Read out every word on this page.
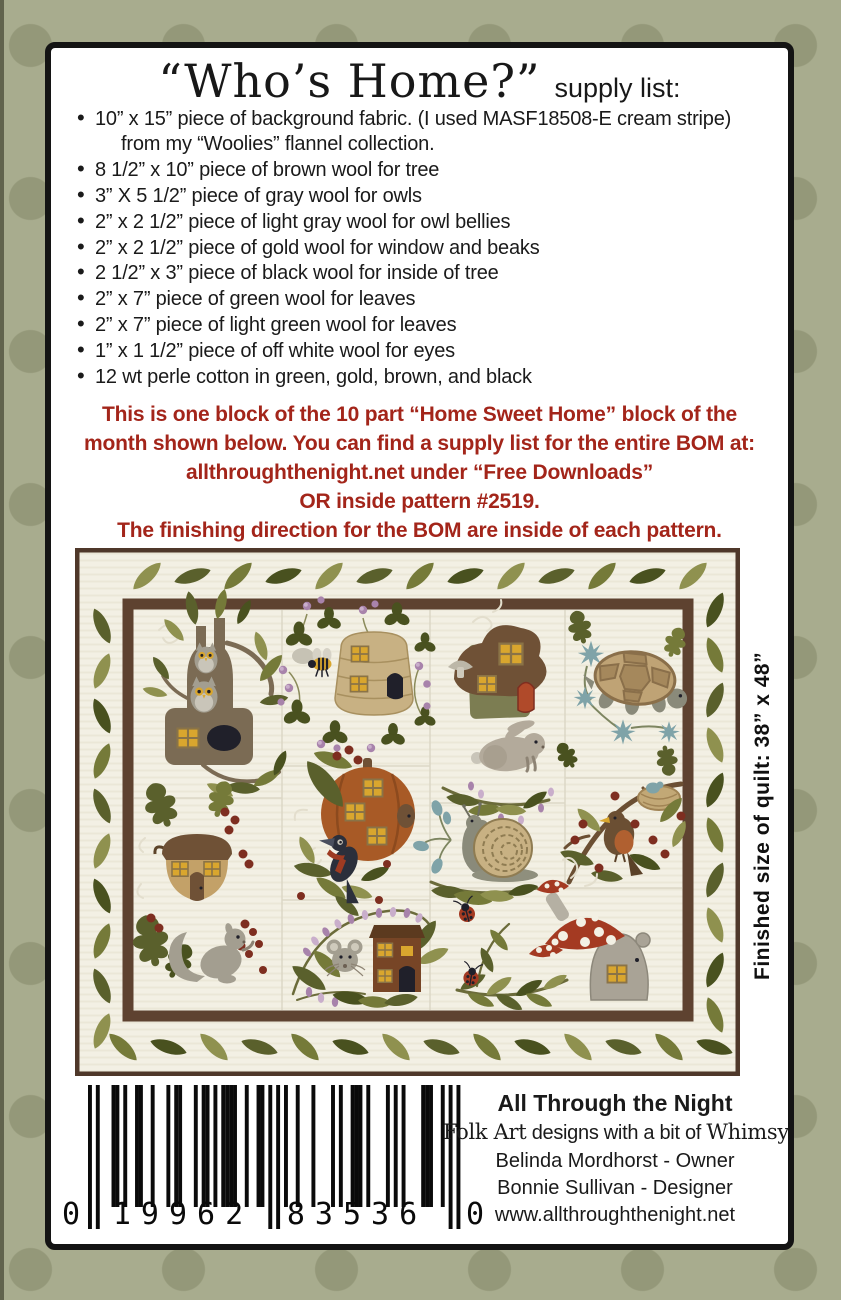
“Who’s Home?” supply list:
• 10” x 15” piece of background fabric. (I used MASF18508-E cream stripe)
from my “Woolies” flannel collection.
• 8 1/2” x 10” piece of brown wool for tree
• 3” X 5 1/2” piece of gray wool for owls
• 2” x 2 1/2” piece of light gray wool for owl bellies
• 2” x 2 1/2” piece of gold wool for window and beaks
• 2 1/2” x 3” piece of black wool for inside of tree
• 2” x 7” piece of green wool for leaves
• 2” x 7” piece of light green wool for leaves
• 1” x 1 1/2” piece of off white wool for eyes
• 12 wt perle cotton in green, gold, brown, and black
This is one block of the 10 part “Home Sweet Home” block of the
month shown below. You can find a supply list for the entire BOM at:
allthroughthenight.net under “Free Downloads”
OR inside pattern #2519.
The finishing direction for the BOM are inside of each pattern.
Finished size of quilt: 38” x 48”
0	19962	83536	0
All Through the Night
Folk Art designs with a bit of Whimsy
Belinda Mordhorst - Owner
Bonnie Sullivan - Designer
www.allthroughthenight.net
